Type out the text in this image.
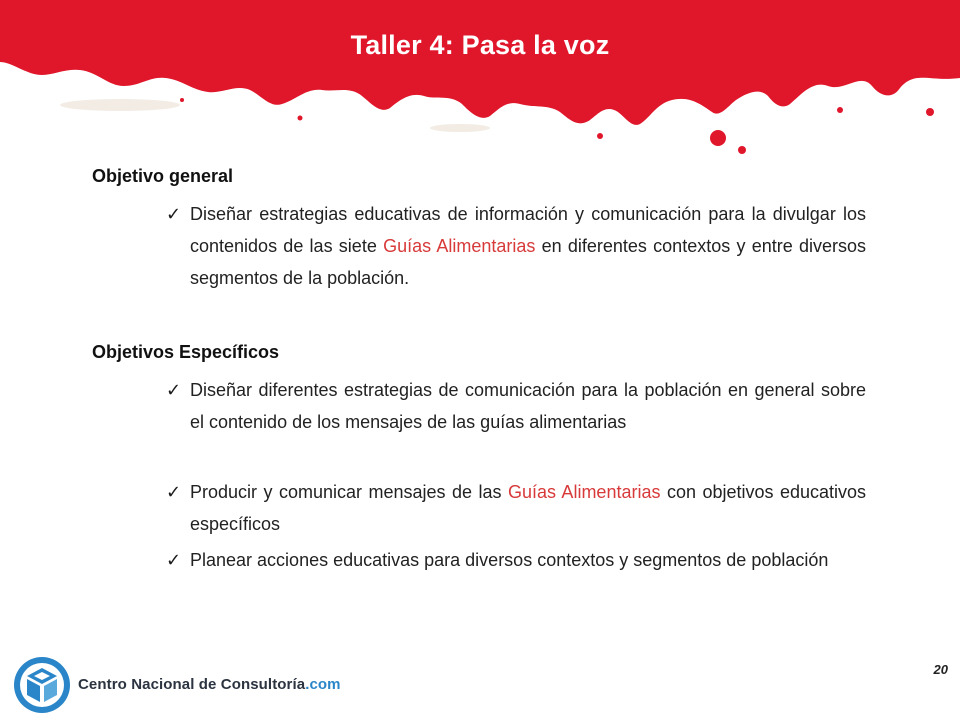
Taller 4: Pasa la voz
Objetivo general
✓ Diseñar estrategias educativas de información y comunicación para la divulgar los contenidos de las siete Guías Alimentarias en diferentes contextos y entre diversos segmentos de la población.
Objetivos Específicos
✓ Diseñar diferentes estrategias de comunicación para la población en general sobre el contenido de los mensajes de las guías alimentarias
✓ Producir y comunicar mensajes de las Guías Alimentarias con objetivos educativos específicos
✓ Planear acciones educativas para diversos contextos y segmentos de población
Centro Nacional de Consultoría.com
20
